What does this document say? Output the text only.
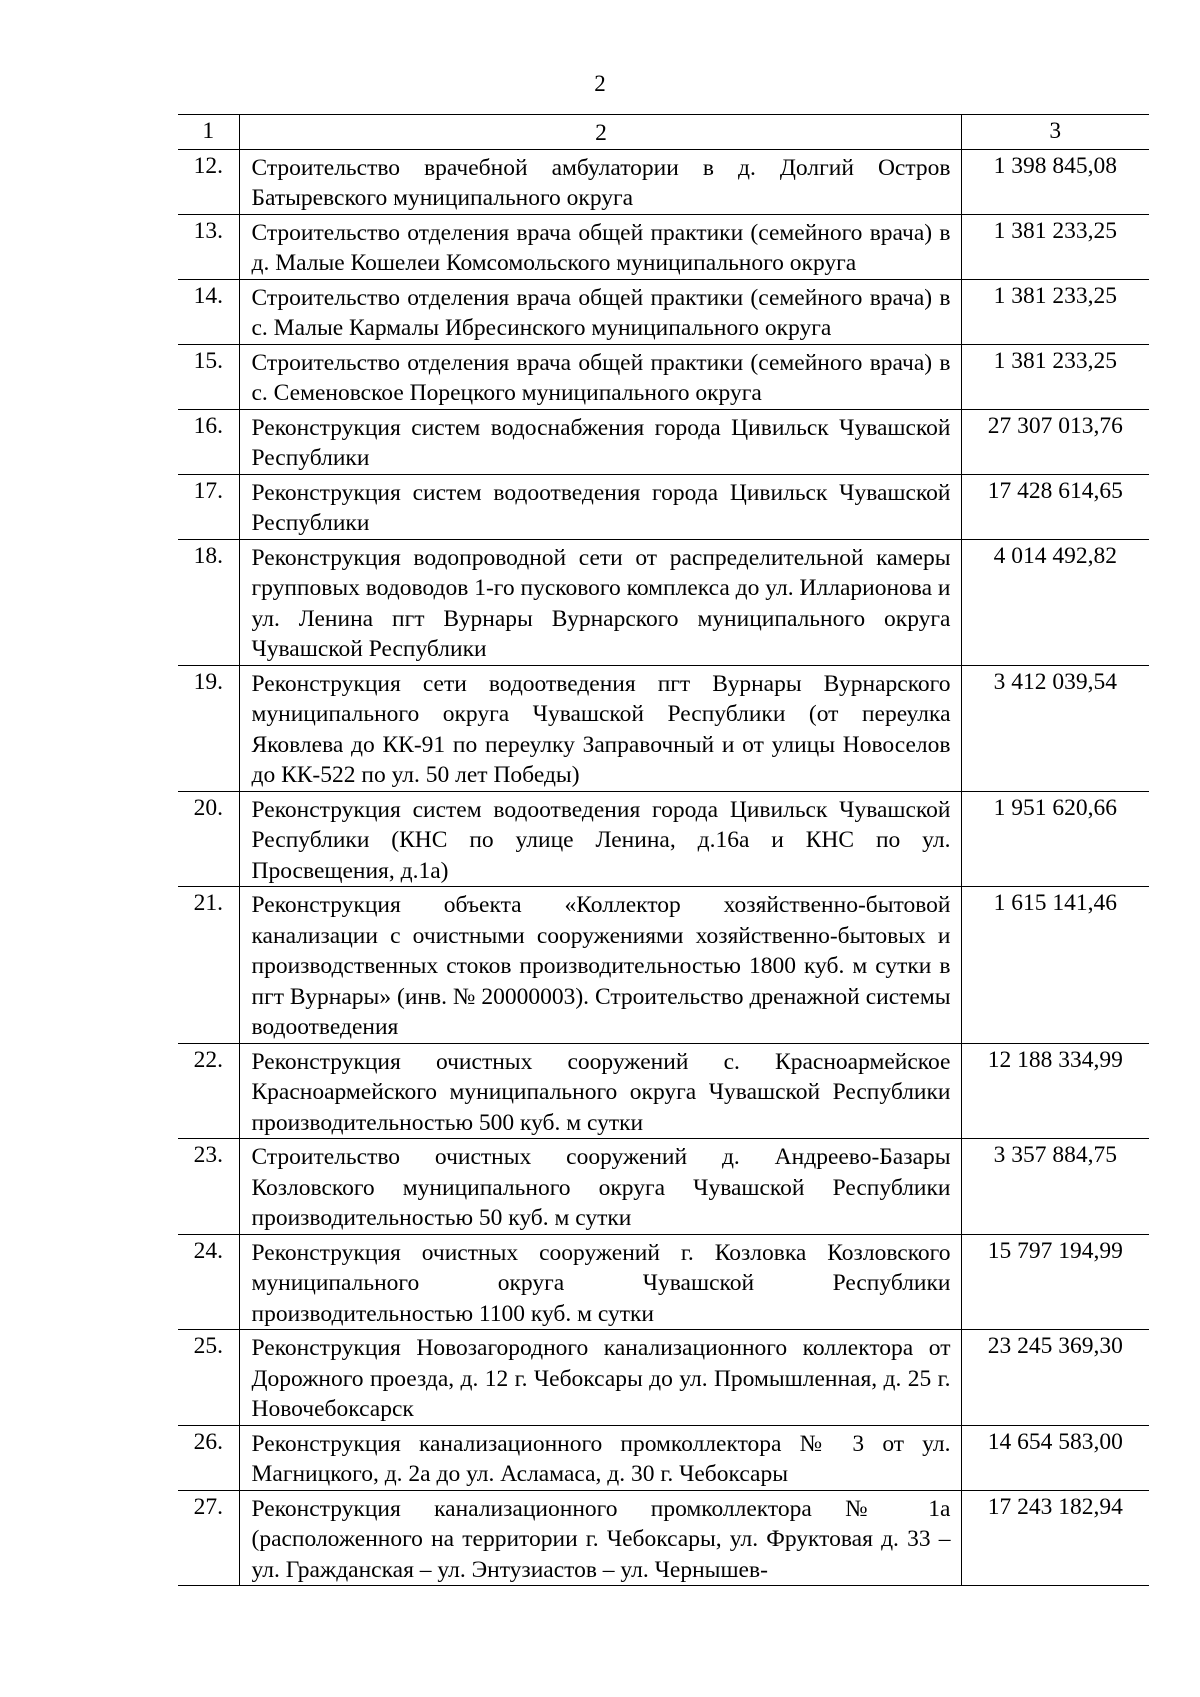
2
1	2	3
12.	Строительство врачебной амбулатории в д. Долгий Остров Батыревского муниципального округа	1 398 845,08
13.	Строительство отделения врача общей практики (семейного врача) в д. Малые Кошелеи Комсомольского муниципального округа	1 381 233,25
14.	Строительство отделения врача общей практики (семейного врача) в с. Малые Кармалы Ибресинского муниципального округа	1 381 233,25
15.	Строительство отделения врача общей практики (семейного врача) в с. Семеновское Порецкого муниципального округа	1 381 233,25
16.	Реконструкция систем водоснабжения города Цивильск Чувашской Республики	27 307 013,76
17.	Реконструкция систем водоотведения города Цивильск Чувашской Республики	17 428 614,65
18.	Реконструкция водопроводной сети от распределительной камеры групповых водоводов 1-го пускового комплекса до ул. Илларионова и ул. Ленина пгт Вурнары Вурнарского муниципального округа Чувашской Республики	4 014 492,82
19.	Реконструкция сети водоотведения пгт Вурнары Вурнарского муниципального округа Чувашской Республики (от переулка Яковлева до КК-91 по переулку Заправочный и от улицы Новоселов до КК-522 по ул. 50 лет Победы)	3 412 039,54
20.	Реконструкция систем водоотведения города Цивильск Чувашской Республики (КНС по улице Ленина, д.16а и КНС по ул. Просвещения, д.1а)	1 951 620,66
21.	Реконструкция объекта «Коллектор хозяйственно-бытовой канализации с очистными сооружениями хозяйственно-бытовых и производственных стоков производительностью 1800 куб. м сутки в пгт Вурнары» (инв. № 20000003). Строительство дренажной системы водоотведения	1 615 141,46
22.	Реконструкция очистных сооружений с. Красноармейское Красноармейского муниципального округа Чувашской Республики производительностью 500 куб. м сутки	12 188 334,99
23.	Строительство очистных сооружений д. Андреево-Базары Козловского муниципального округа Чувашской Республики производительностью 50 куб. м сутки	3 357 884,75
24.	Реконструкция очистных сооружений г. Козловка Козловского муниципального округа Чувашской Республики производительностью 1100 куб. м сутки	15 797 194,99
25.	Реконструкция Новозагородного канализационного коллектора от Дорожного проезда, д. 12 г. Чебоксары до ул. Промышленная, д. 25 г. Новочебоксарск	23 245 369,30
26.	Реконструкция канализационного промколлектора № 3 от ул. Магницкого, д. 2а до ул. Асламаса, д. 30 г. Чебоксары	14 654 583,00
27.	Реконструкция канализационного промколлектора № 1а (расположенного на территории г. Чебоксары, ул. Фруктовая д. 33 – ул. Гражданская – ул. Энтузиастов – ул. Чернышев-	17 243 182,94
